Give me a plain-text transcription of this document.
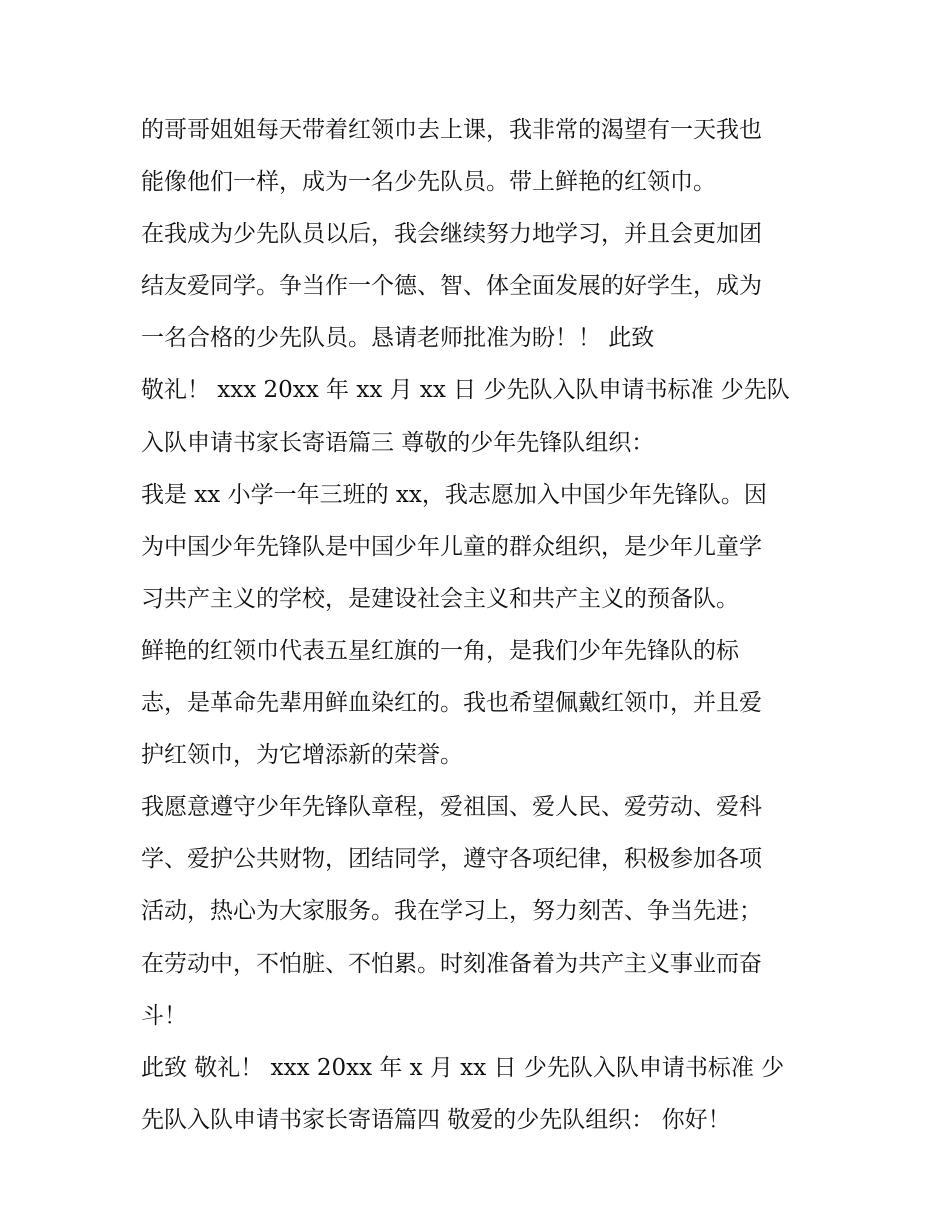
的哥哥姐姐每天带着红领巾去上课，我非常的渴望有一天我也
能像他们一样，成为一名少先队员。带上鲜艳的红领巾。
在我成为少先队员以后，我会继续努力地学习，并且会更加团
结友爱同学。争当作一个德、智、体全面发展的好学生，成为
一名合格的少先队员。恳请老师批准为盼！！ 此致
敬礼！ xxx 20xx 年 xx 月 xx 日 少先队入队申请书标准 少先队
入队申请书家长寄语篇三 尊敬的少年先锋队组织：
我是 xx 小学一年三班的 xx，我志愿加入中国少年先锋队。因
为中国少年先锋队是中国少年儿童的群众组织，是少年儿童学
习共产主义的学校，是建设社会主义和共产主义的预备队。
鲜艳的红领巾代表五星红旗的一角，是我们少年先锋队的标
志，是革命先辈用鲜血染红的。我也希望佩戴红领巾，并且爱
护红领巾，为它增添新的荣誉。
我愿意遵守少年先锋队章程，爱祖国、爱人民、爱劳动、爱科
学、爱护公共财物，团结同学，遵守各项纪律，积极参加各项
活动，热心为大家服务。我在学习上，努力刻苦、争当先进；
在劳动中，不怕脏、不怕累。时刻准备着为共产主义事业而奋
斗！
此致 敬礼！ xxx 20xx 年 x 月 xx 日 少先队入队申请书标准 少
先队入队申请书家长寄语篇四 敬爱的少先队组织： 你好！
